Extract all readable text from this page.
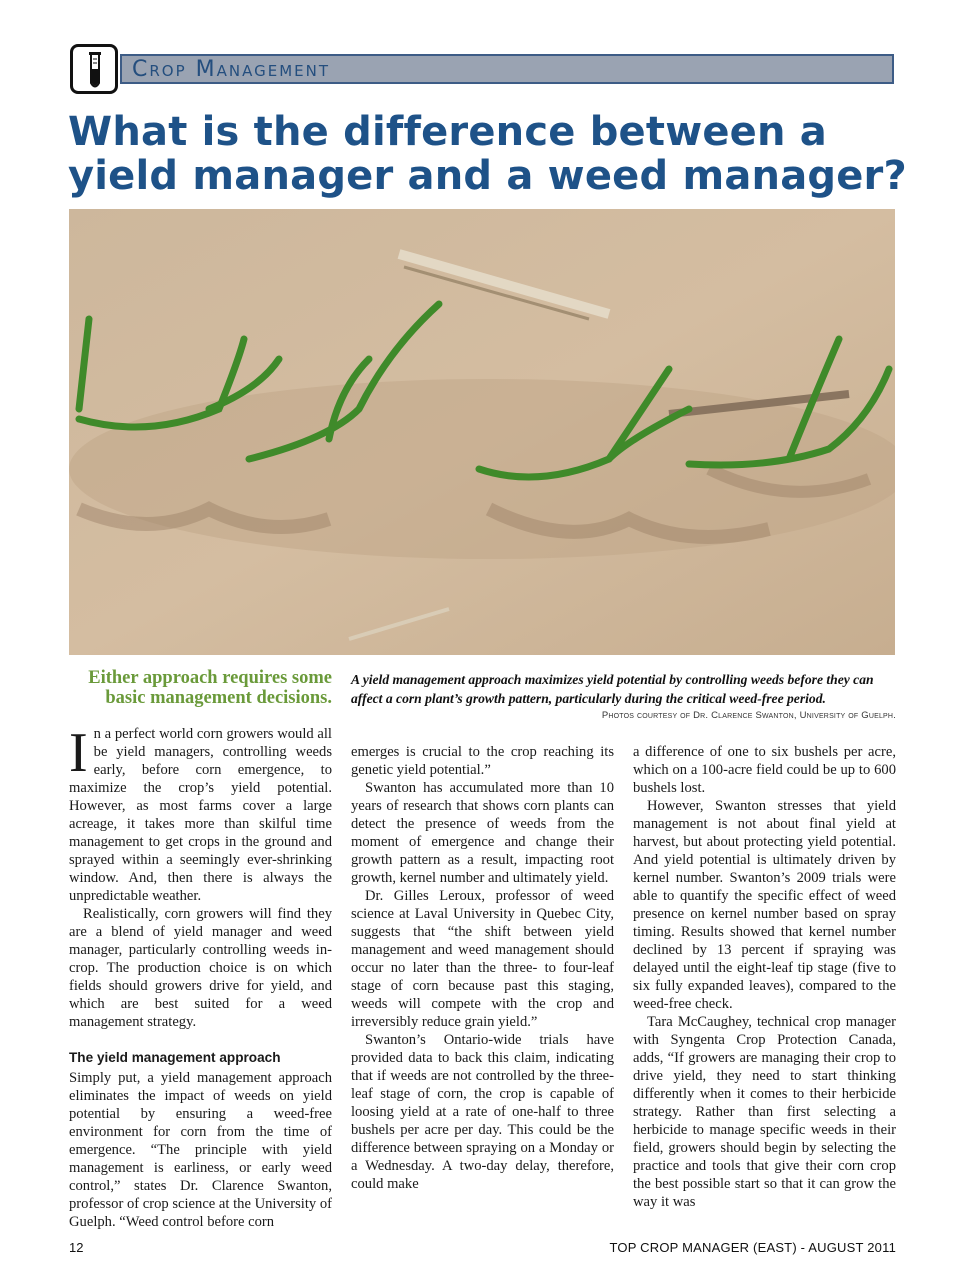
Crop Management
What is the difference between a
yield manager and a weed manager?
Either approach requires some basic management decisions.
A yield management approach maximizes yield potential by controlling weeds before they can affect a corn plant’s growth pattern, particularly during the critical weed-free period.
Photos courtesy of Dr. Clarence Swanton, University of Guelph.

In a perfect world corn growers would all be yield managers, controlling weeds early, before corn emergence, to maximize the crop’s yield potential. However, as most farms cover a large acreage, it takes more than skilful time management to get crops in the ground and sprayed within a seemingly ever-shrinking window. And, then there is always the unpredictable weather.

Realistically, corn growers will find they are a blend of yield manager and weed manager, particularly controlling weeds in-crop. The production choice is on which fields should growers drive for yield, and which are best suited for a weed management strategy.

The yield management approach

Simply put, a yield management approach eliminates the impact of weeds on yield potential by ensuring a weed-free environment for corn from the time of emergence. “The principle with yield management is earliness, or early weed control,” states Dr. Clarence Swanton, professor of crop science at the University of Guelph. “Weed control before corn

emerges is crucial to the crop reaching its genetic yield potential.”

Swanton has accumulated more than 10 years of research that shows corn plants can detect the presence of weeds from the moment of emergence and change their growth pattern as a result, impacting root growth, kernel number and ultimately yield.

Dr. Gilles Leroux, professor of weed science at Laval University in Quebec City, suggests that “the shift between yield management and weed management should occur no later than the three- to four-leaf stage of corn because past this staging, weeds will compete with the crop and irreversibly reduce grain yield.”

Swanton’s Ontario-wide trials have provided data to back this claim, indicating that if weeds are not controlled by the three-leaf stage of corn, the crop is capable of loosing yield at a rate of one-half to three bushels per acre per day. This could be the difference between spraying on a Monday or a Wednesday. A two-day delay, therefore, could make

a difference of one to six bushels per acre, which on a 100-acre field could be up to 600 bushels lost.

However, Swanton stresses that yield management is not about final yield at harvest, but about protecting yield potential. And yield potential is ultimately driven by kernel number. Swanton’s 2009 trials were able to quantify the specific effect of weed presence on kernel number based on spray timing. Results showed that kernel number declined by 13 percent if spraying was delayed until the eight-leaf tip stage (five to six fully expanded leaves), compared to the weed-free check.

Tara McCaughey, technical crop manager with Syngenta Crop Protection Canada, adds, “If growers are managing their crop to drive yield, they need to start thinking differently when it comes to their herbicide strategy. Rather than first selecting a herbicide to manage specific weeds in their field, growers should begin by selecting the practice and tools that give their corn crop the best possible start so that it can grow the way it was

12	TOP CROP MANAGER (EAST) - AUGUST 2011
